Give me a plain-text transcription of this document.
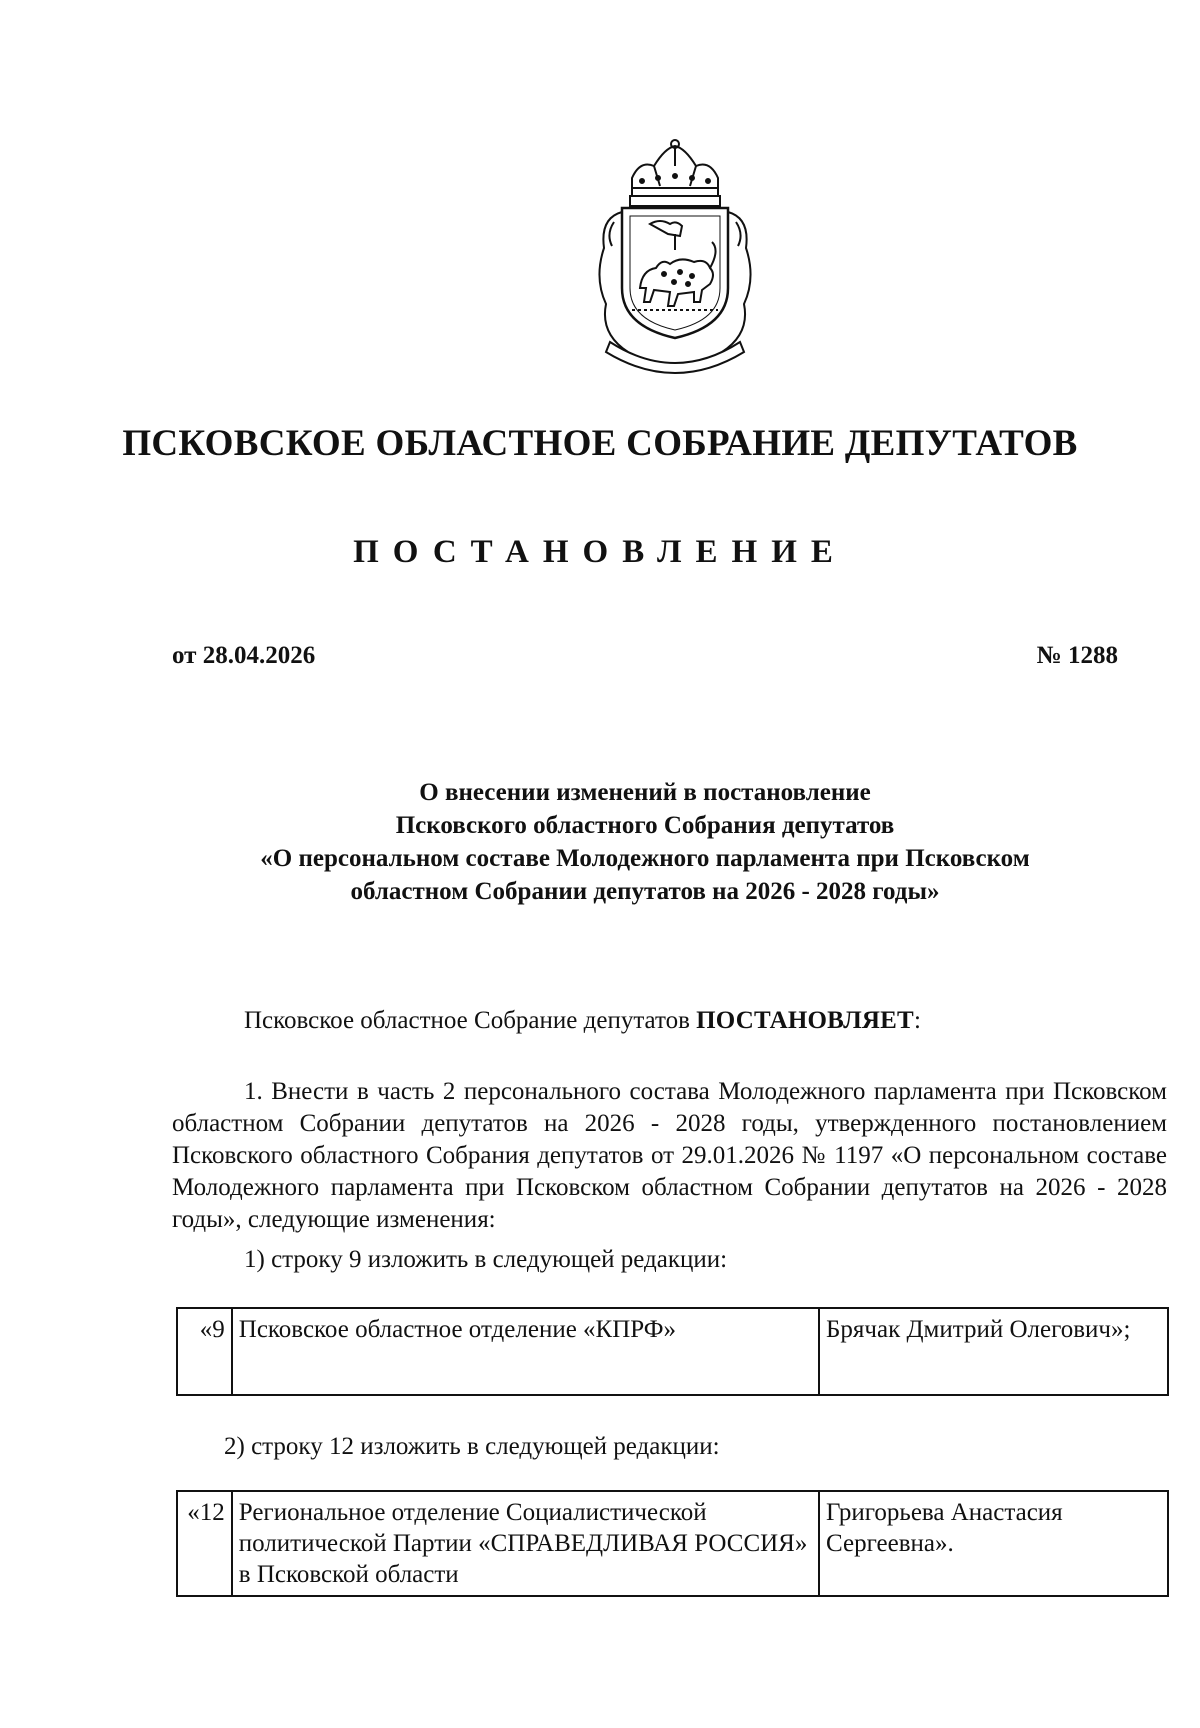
ПСКОВСКОЕ ОБЛАСТНОЕ СОБРАНИЕ ДЕПУТАТОВ
ПОСТАНОВЛЕНИЕ
от 28.04.2026	№ 1288
О внесении изменений в постановление
Псковского областного Собрания депутатов
«О персональном составе Молодежного парламента при Псковском
областном Собрании депутатов на 2026 - 2028 годы»
Псковское областное Собрание депутатов ПОСТАНОВЛЯЕТ:
1. Внести в часть 2 персонального состава Молодежного парламента при Псковском областном Собрании депутатов на 2026 - 2028 годы, утвержденного постановлением Псковского областного Собрания депутатов от 29.01.2026 № 1197 «О персональном составе Молодежного парламента при Псковском областном Собрании депутатов на 2026 - 2028 годы», следующие изменения:
1) строку 9 изложить в следующей редакции:
«9	Псковское областное отделение «КПРФ»	Брячак Дмитрий Олегович»;
2) строку 12 изложить в следующей редакции:
«12	Региональное отделение Социалистической политической Партии «СПРАВЕДЛИВАЯ РОССИЯ» в Псковской области	Григорьева Анастасия Сергеевна».
